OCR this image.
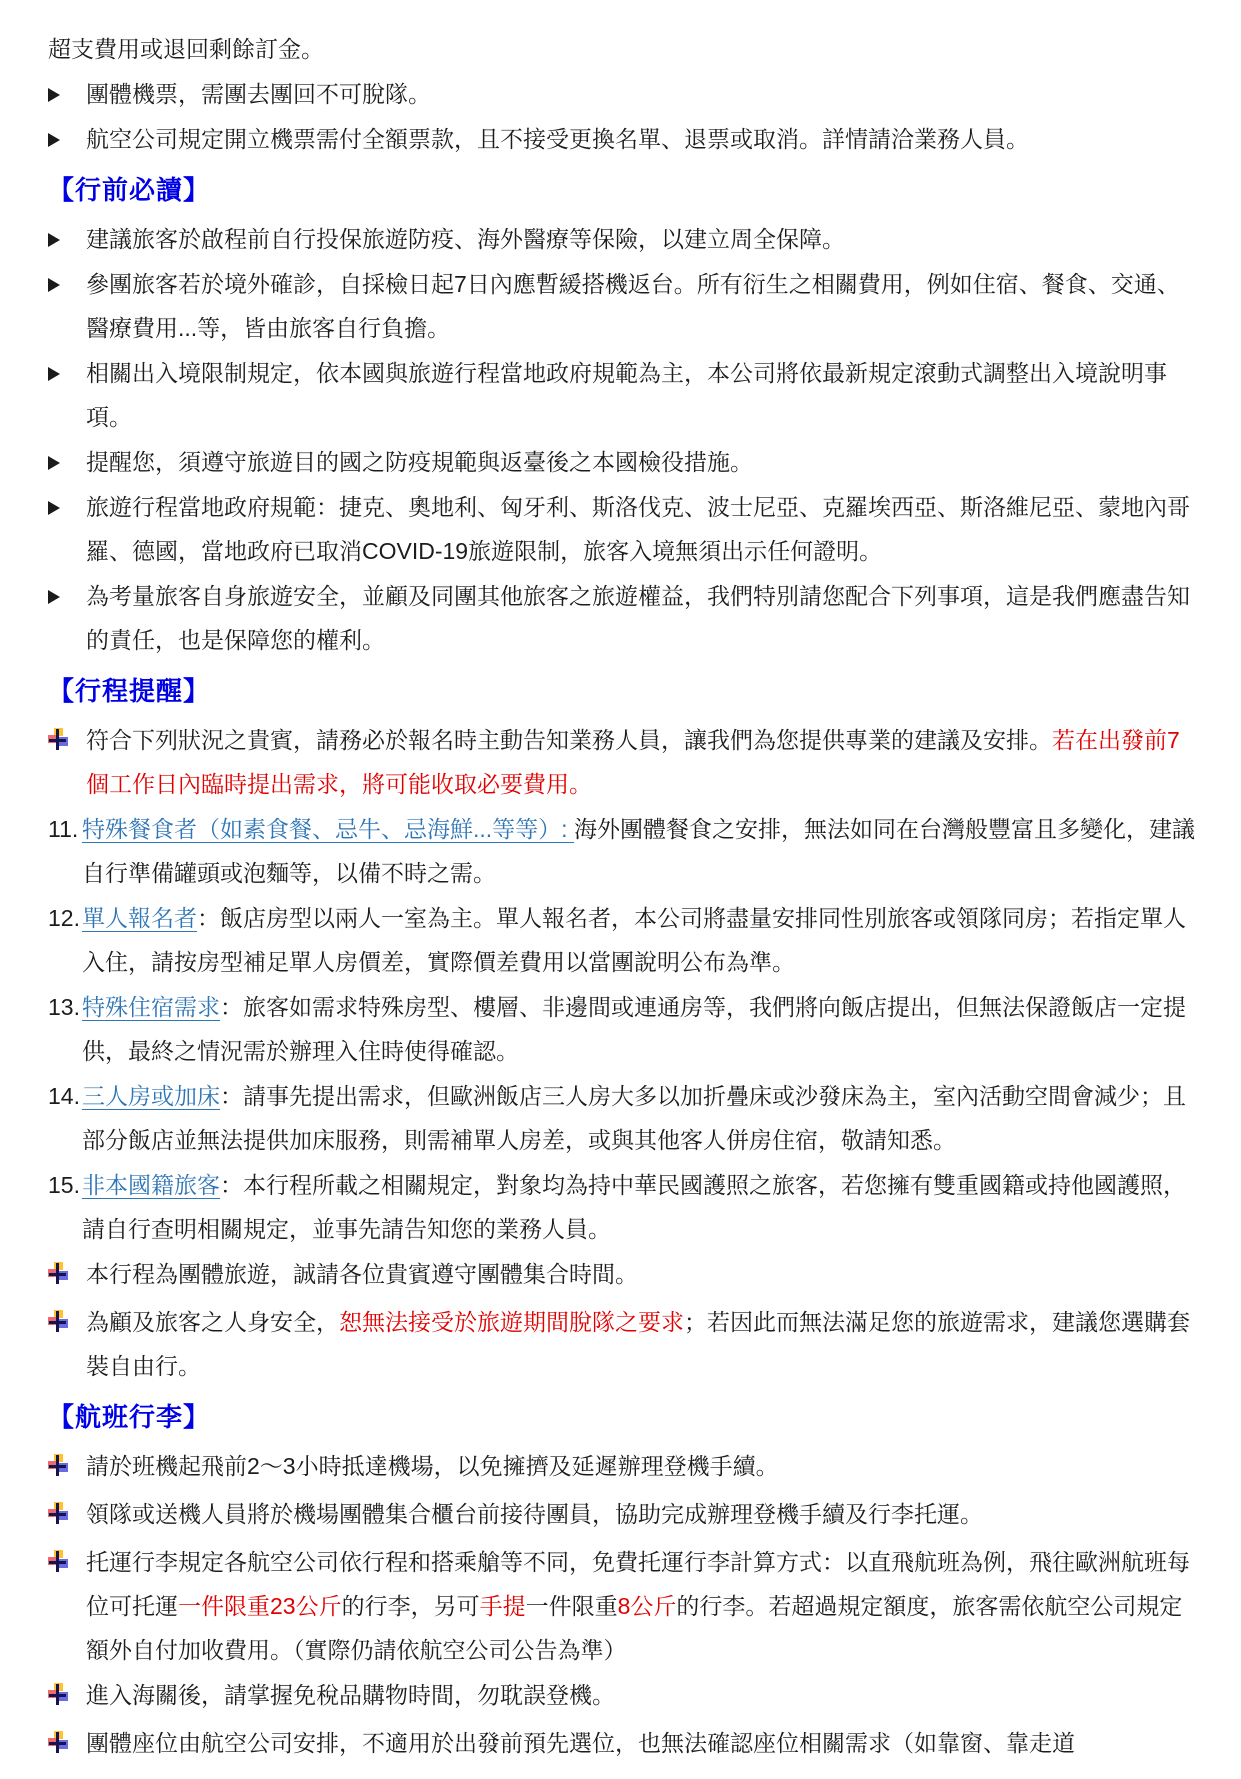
超支費用或退回剩餘訂金。
團體機票，需團去團回不可脫隊。
航空公司規定開立機票需付全額票款，且不接受更換名單、退票或取消。詳情請洽業務人員。
【行前必讀】
建議旅客於啟程前自行投保旅遊防疫、海外醫療等保險，以建立周全保障。
參團旅客若於境外確診，自採檢日起7日內應暫緩搭機返台。所有衍生之相關費用，例如住宿、餐食、交通、醫療費用...等，皆由旅客自行負擔。
相關出入境限制規定，依本國與旅遊行程當地政府規範為主，本公司將依最新規定滾動式調整出入境說明事項。
提醒您，須遵守旅遊目的國之防疫規範與返臺後之本國檢役措施。
旅遊行程當地政府規範：捷克、奧地利、匈牙利、斯洛伐克、波士尼亞、克羅埃西亞、斯洛維尼亞、蒙地內哥羅、德國，當地政府已取消COVID-19旅遊限制，旅客入境無須出示任何證明。
為考量旅客自身旅遊安全，並顧及同團其他旅客之旅遊權益，我們特別請您配合下列事項，這是我們應盡告知的責任，也是保障您的權利。
【行程提醒】
符合下列狀況之貴賓，請務必於報名時主動告知業務人員，讓我們為您提供專業的建議及安排。若在出發前7個工作日內臨時提出需求，將可能收取必要費用。
11. 特殊餐食者（如素食餐、忌牛、忌海鮮...等等）: 海外團體餐食之安排，無法如同在台灣般豐富且多變化，建議自行準備罐頭或泡麵等，以備不時之需。
12. 單人報名者：飯店房型以兩人一室為主。單人報名者，本公司將盡量安排同性別旅客或領隊同房；若指定單人入住，請按房型補足單人房價差，實際價差費用以當團說明公布為準。
13. 特殊住宿需求：旅客如需求特殊房型、樓層、非邊間或連通房等，我們將向飯店提出，但無法保證飯店一定提供，最終之情況需於辦理入住時使得確認。
14. 三人房或加床：請事先提出需求，但歐洲飯店三人房大多以加折疊床或沙發床為主，室內活動空間會減少；且部分飯店並無法提供加床服務，則需補單人房差，或與其他客人併房住宿，敬請知悉。
15. 非本國籍旅客：本行程所載之相關規定，對象均為持中華民國護照之旅客，若您擁有雙重國籍或持他國護照，請自行查明相關規定，並事先請告知您的業務人員。
本行程為團體旅遊，誠請各位貴賓遵守團體集合時間。
為顧及旅客之人身安全，恕無法接受於旅遊期間脫隊之要求；若因此而無法滿足您的旅遊需求，建議您選購套裝自由行。
【航班行李】
請於班機起飛前2～3小時抵達機場，以免擁擠及延遲辦理登機手續。
領隊或送機人員將於機場團體集合櫃台前接待團員，協助完成辦理登機手續及行李托運。
托運行李規定各航空公司依行程和搭乘艙等不同，免費托運行李計算方式：以直飛航班為例，飛往歐洲航班每位可托運一件限重23公斤的行李，另可手提一件限重8公斤的行李。若超過規定額度，旅客需依航空公司規定額外自付加收費用。（實際仍請依航空公司公告為準）
進入海關後，請掌握免稅品購物時間，勿耽誤登機。
團體座位由航空公司安排，不適用於出發前預先選位，也無法確認座位相關需求（如靠窗、靠走道
